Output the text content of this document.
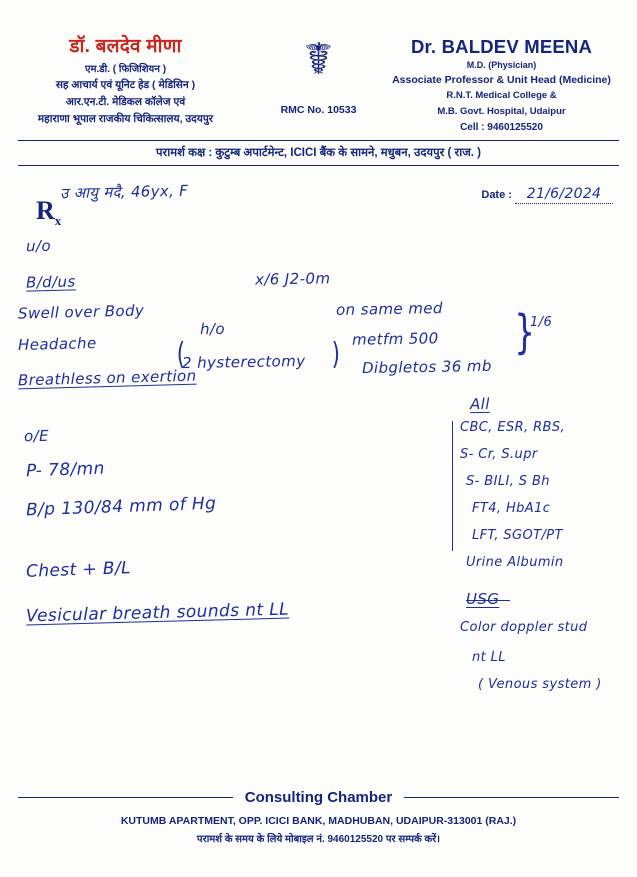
डॉ. बलदेव मीणा
एम.डी. ( फिजिशियन )
सह आचार्य एवं यूनिट हेड ( मेडिसिन )
आर.एन.टी. मेडिकल कॉलेज एवं
महाराणा भूपाल राजकीय चिकित्सालय, उदयपुर
☤
RMC No. 10533
Dr. BALDEV MEENA
M.D. (Physician)
Associate Professor & Unit Head (Medicine)
R.N.T. Medical College &
M.B. Govt. Hospital, Udaipur
Cell : 9460125520
परामर्श कक्ष : कुटुम्ब अपार्टमेन्ट, ICICI बैंक के सामने, मधुबन, उदयपुर ( राज. )
उ आयु मदै, 46yx, F	Date : 21/6/2024
$R_x$
u/o
B/d/us
Swell over Body
Headache
Breathless on exertion
o/E
P- 78/mn
B/p 130/84 mm of Hg
Chest + B/L
Vesicular breath sounds nt LL
x/6 J2-0m
h/o
2 hysterectomy
(	)
on same med
metfm 500
Dibgletos 36 mb
}
1/6
All
CBC, ESR, RBS,
S- Cr, S.upr
S- BILI, S Bh
FT4, HbA1c
LFT, SGOT/PT
Urine Albumin
USG
Color doppler stud
nt LL
( Venous system )
Consulting Chamber
KUTUMB APARTMENT, OPP. ICICI BANK, MADHUBAN, UDAIPUR-313001 (RAJ.)
परामर्श के समय के लिये मोबाइल नं. 9460125520 पर सम्पर्क करें।
